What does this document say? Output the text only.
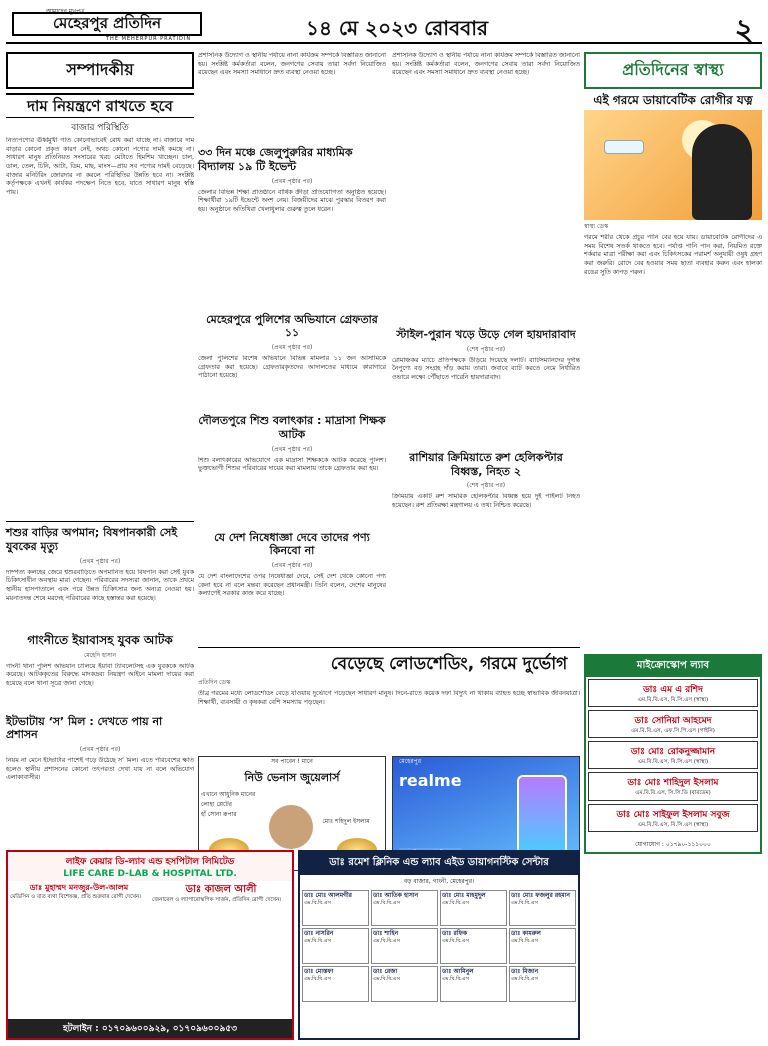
আমাদের মুখপত্র
মেহেরপুর প্রতিদিন
THE MEHERPUR PRATIDIN	১৪ মে ২০২৩ রোববার	২
সম্পাদকীয়
দাম নিয়ন্ত্রণে রাখতে হবে
বাজার পরিস্থিতি
নিত্যপণ্যের ঊর্ধ্বমুখী গতি কোনোভাবেই রোধ করা যাচ্ছে না। বাজারে দাম বাড়ার কোনো প্রকৃত কারণ নেই, অথচ কোনো পণ্যের দামই কমছে না। সাধারণ মানুষ প্রতিনিয়ত সংসারের খরচ মেটাতে হিমশিম খাচ্ছেন। চাল, ডাল, তেল, চিনি, আটা, ডিম, মাছ, মাংস—প্রায় সব পণ্যের দামই বেড়েছে। বাজার মনিটরিং জোরদার না করলে পরিস্থিতির উন্নতি হবে না। সংশ্লিষ্ট কর্তৃপক্ষকে এখনই কার্যকর পদক্ষেপ নিতে হবে, যাতে সাধারণ মানুষ স্বস্তি পায়।
শশুর বাড়ির অপমান; বিষপানকারী সেই যুবকের মৃত্যু
(প্রথম পৃষ্ঠার পর)
দাম্পত্য কলহের জেরে শ্বশুরবাড়িতে অপমানিত হয়ে বিষপান করা সেই যুবক চিকিৎসাধীন অবস্থায় মারা গেছেন। পরিবারের সদস্যরা জানান, তাকে প্রথমে স্থানীয় হাসপাতালে এবং পরে উন্নত চিকিৎসার জন্য অন্যত্র নেওয়া হয়। ময়নাতদন্ত শেষে মরদেহ পরিবারের কাছে হস্তান্তর করা হয়েছে।
গাংনীতে ইয়াবাসহ যুবক আটক
মেহেদি হাসান
গাংনী থানা পুলিশ অভিযান চালিয়ে ইয়াবা ট্যাবলেটসহ এক যুবককে আটক করেছে। আটককৃতের বিরুদ্ধে মাদকদ্রব্য নিয়ন্ত্রণ আইনে মামলা দায়ের করা হয়েছে বলে থানা সূত্রে জানা গেছে।
ইটভাটায় ‘স’ মিল : দেখতে পায় না প্রশাসন
(প্রথম পৃষ্ঠার পর)
নিয়ম না মেনে ইটভাটার পাশেই গড়ে উঠেছে স’ মিল। এতে পরিবেশের ক্ষতি হলেও স্থানীয় প্রশাসনের কোনো তৎপরতা দেখা যায় না বলে অভিযোগ এলাকাবাসীর।
প্রশাসনিক উদ্যোগ ও স্থানীয় পর্যায়ে নানা কার্যক্রম সম্পর্কে বিস্তারিত জানানো হয়। সংশ্লিষ্ট কর্মকর্তারা বলেন, জনগণের সেবায় তারা সর্বদা নিয়োজিত রয়েছেন এবং সমস্যা সমাধানে দ্রুত ব্যবস্থা নেওয়া হচ্ছে।
৩৩ দিন মঞ্চে জেলুপুরুরির মাধ্যমিক বিদ্যালয় ১৯ টি ইভেন্ট
(প্রথম পৃষ্ঠার পর)
জেলার বিভিন্ন শিক্ষা প্রতিষ্ঠানে বার্ষিক ক্রীড়া প্রতিযোগিতা অনুষ্ঠিত হয়েছে। শিক্ষার্থীরা ১৯টি ইভেন্টে অংশ নেয়। বিজয়ীদের মাঝে পুরস্কার বিতরণ করা হয়। অনুষ্ঠানে অতিথিরা খেলাধুলার গুরুত্ব তুলে ধরেন।
মেহেরপুরে পুলিশের অভিযানে গ্রেফতার ১১
(প্রথম পৃষ্ঠার পর)
জেলা পুলিশের বিশেষ অভিযানে বিভিন্ন মামলার ১১ জন আসামিকে গ্রেফতার করা হয়েছে। গ্রেফতারকৃতদের আদালতের মাধ্যমে কারাগারে পাঠানো হয়েছে।
দৌলতপুরে শিশু বলাৎকার : মাদ্রাসা শিক্ষক আটক
(প্রথম পৃষ্ঠার পর)
শিশু বলাৎকারের অভিযোগে এক মাদ্রাসা শিক্ষককে আটক করেছে পুলিশ। ভুক্তভোগী শিশুর পরিবারের দায়ের করা মামলায় তাকে গ্রেফতার করা হয়।
যে দেশ নিষেধাজ্ঞা দেবে তাদের পণ্য কিনবো না
(প্রথম পৃষ্ঠার পর)
যে দেশ বাংলাদেশের ওপর নিষেধাজ্ঞা দেবে, সেই দেশ থেকে কোনো পণ্য কেনা হবে না বলে মন্তব্য করেছেন প্রধানমন্ত্রী। তিনি বলেন, দেশের মানুষের কল্যাণেই সরকার কাজ করে যাচ্ছে।
প্রশাসনিক উদ্যোগ ও স্থানীয় পর্যায়ে নানা কার্যক্রম সম্পর্কে বিস্তারিত জানানো হয়। সংশ্লিষ্ট কর্মকর্তারা বলেন, জনগণের সেবায় তারা সর্বদা নিয়োজিত রয়েছেন এবং সমস্যা সমাধানে দ্রুত ব্যবস্থা নেওয়া হচ্ছে।
স্টাইল-পুরান খড়ে উড়ে গেল হায়দারাবাদ
(শেষ পৃষ্ঠার পর)
রোমাঞ্চকর ম্যাচে প্রতিপক্ষকে উড়িয়ে দিয়েছে দলটি। ব্যাটসম্যানদের দুর্দান্ত নৈপুণ্যে বড় সংগ্রহ দাঁড় করায় তারা। জবাবে ব্যাট করতে নেমে নির্ধারিত ওভারে লক্ষ্যে পৌঁছাতে পারেনি হায়দারাবাদ।
রাশিয়ার ক্রিমিয়াতে রুশ হেলিকপ্টার বিধ্বস্ত, নিহত ২
(শেষ পৃষ্ঠার পর)
ক্রিমিয়ায় একটি রুশ সামরিক হেলিকপ্টার বিধ্বস্ত হয়ে দুই পাইলট নিহত হয়েছেন। রুশ প্রতিরক্ষা মন্ত্রণালয় এ তথ্য নিশ্চিত করেছে।
বেড়েছে লোডশেডিং, গরমে দুর্ভোগ
প্রতিদিন ডেস্ক
তীব্র গরমের মধ্যে লোডশেডিং বেড়ে যাওয়ায় দুর্ভোগে পড়েছেন সাধারণ মানুষ। দিনে-রাতে কয়েক দফা বিদ্যুৎ না থাকায় ব্যাহত হচ্ছে স্বাভাবিক জীবনযাত্রা। শিক্ষার্থী, ব্যবসায়ী ও কৃষকরা বেশি সমস্যায় পড়ছেন।
সব পাবেন ! মানে
নিউ ভেনাস জুয়েলার্স
এখানে আধুনিক মানের
লোহা প্লেটের
হাঁ সোনা রূপার
মোঃ শহিদুল ইসলাম
মেহেরপুর
realme
প্রতিদিনের স্বাস্থ্য
এই গরমে ডায়াবেটিক রোগীর যত্ন
স্বাস্থ্য ডেস্ক
গরমে শরীর থেকে প্রচুর পানি বের হয়ে যায়। ডায়াবেটিক রোগীদের এ সময় বিশেষ সতর্ক থাকতে হবে। পর্যাপ্ত পানি পান করা, নিয়মিত রক্তে শর্করার মাত্রা পরীক্ষা করা এবং চিকিৎসকের পরামর্শ অনুযায়ী ওষুধ গ্রহণ করা জরুরি। রোদে বের হওয়ার সময় ছাতা ব্যবহার করুন এবং হালকা রঙের সুতি কাপড় পরুন।
মাইক্রোস্কোপ ল্যাব
ডাঃ এম এ রশিদ
এম.বি.বি.এস, বি.সি.এস (স্বাস্থ্য)
ডাঃ সোনিয়া আহমেদ
এম.বি.বি.এস, এফ.সি.পি.এস (গাইনি)
ডাঃ মোঃ রোকনুজ্জামান
এম.বি.বি.এস, বি.সি.এস (স্বাস্থ্য)
ডাঃ মোঃ শাহিদুল ইসলাম
এম.বি.বি.এস, সি.সি.ডি (বারডেম)
ডাঃ মোঃ সাইফুল ইসলাম সবুজ
এম.বি.বি.এস, বি.সি.এস (স্বাস্থ্য)
যোগাযোগ : ০১৭৯০-১১১০০০
লাইফ কেয়ার ডি-ল্যাব এন্ড হসপিটাল লিমিটেড
LIFE CARE D-LAB & HOSPITAL LTD.
ডাঃ মুহাম্মদ মনজুর-উল-আলম
মেডিসিন ও বাত ব্যথা বিশেষজ্ঞ, প্রতি শুক্রবার রোগী দেখেন।
ডাঃ কাজল আলী
জেনারেল ও ল্যাপারোস্কপিক সার্জন, প্রতিদিন রোগী দেখেন।
হটলাইন : ০১৭০৯৬০০৯২৯, ০১৭০৯৬০০৯৫৩
ডাঃ রমেশ ক্লিনিক এন্ড ল্যাব এইড ডায়াগনস্টিক সেন্টার
বড় বাজার, গাংনী, মেহেরপুর।
ডাঃ মোঃ আলমগীর
এম.বি.বি.এস
ডাঃ আতিক হাসান
এম.বি.বি.এস
ডাঃ মোঃ মাহমুদুল
এম.বি.বি.এস
ডাঃ মোঃ ফজলুর রহমান
এম.বি.বি.এস
ডাঃ নাসরিন
এম.বি.বি.এস
ডাঃ শাহিন
এম.বি.বি.এস
ডাঃ রফিক
এম.বি.বি.এস
ডাঃ কামরুল
এম.বি.বি.এস
ডাঃ মোস্তফা
এম.বি.বি.এস
ডাঃ রেজা
এম.বি.বি.এস
ডাঃ আমিনুল
এম.বি.বি.এস
ডাঃ মিজান
এম.বি.বি.এস
